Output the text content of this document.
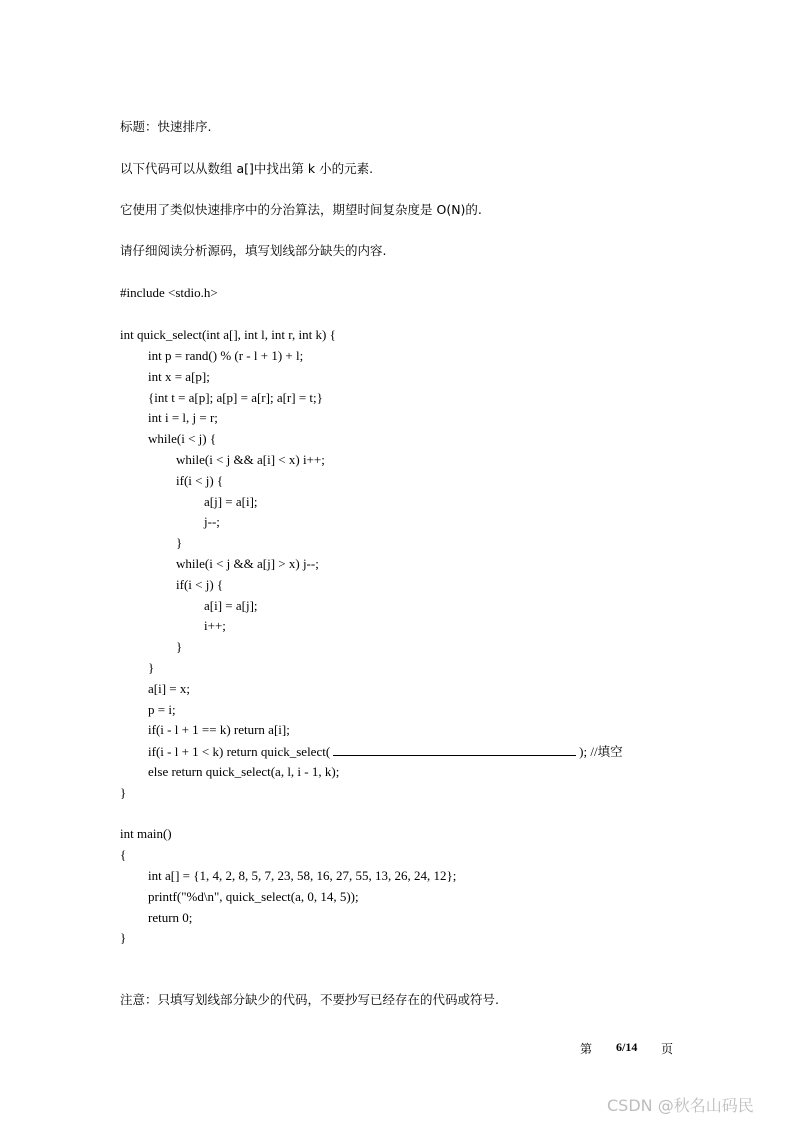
标题：快速排序.
以下代码可以从数组 a[]中找出第 k 小的元素.
它使用了类似快速排序中的分治算法，期望时间复杂度是 O(N)的.
请仔细阅读分析源码，填写划线部分缺失的内容.
#include <stdio.h>
int quick_select(int a[], int l, int r, int k) {
int p = rand() % (r - l + 1) + l;
int x = a[p];
{int t = a[p]; a[p] = a[r]; a[r] = t;}
int i = l, j = r;
while(i < j) {
while(i < j && a[i] < x) i++;
if(i < j) {
a[j] = a[i];
j--;
}
while(i < j && a[j] > x) j--;
if(i < j) {
a[i] = a[j];
i++;
}
}
a[i] = x;
p = i;
if(i - l + 1 == k) return a[i];
if(i - l + 1 < k) return quick_select(	); //填空
else return quick_select(a, l, i - 1, k);
}
int main()
{
int a[] = {1, 4, 2, 8, 5, 7, 23, 58, 16, 27, 55, 13, 26, 24, 12};
printf("%d\n", quick_select(a, 0, 14, 5));
return 0;
}
注意：只填写划线部分缺少的代码，不要抄写已经存在的代码或符号.
第 6/14 页
CSDN @秋名山码民
